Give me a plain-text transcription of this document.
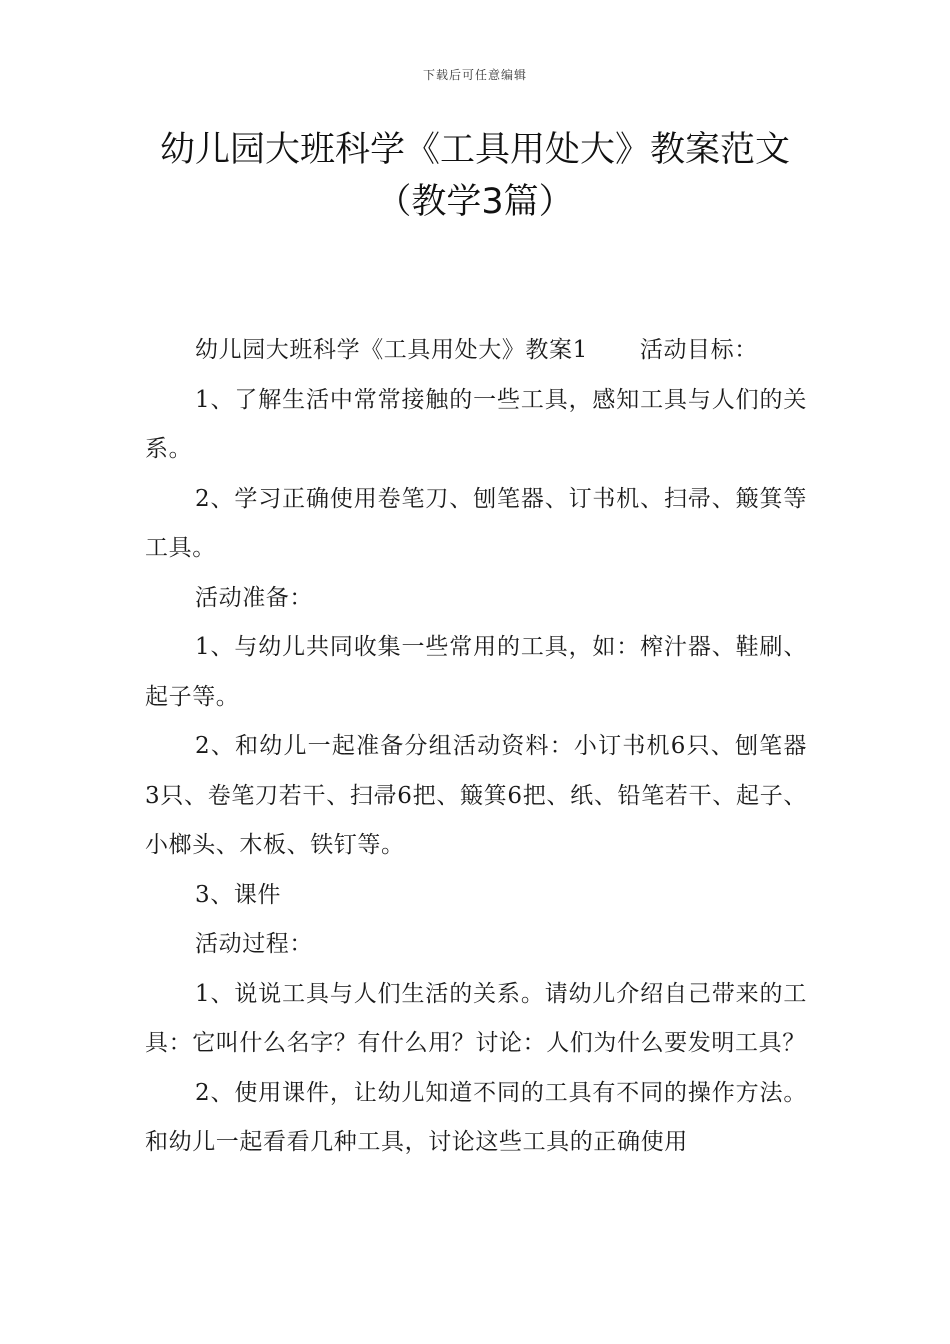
下载后可任意编辑
幼儿园大班科学《工具用处大》教案范文
（教学3篇）

幼儿园大班科学《工具用处大》教案1 活动目标：

1、了解生活中常常接触的一些工具，感知工具与人们的关系。

2、学习正确使用卷笔刀、刨笔器、订书机、扫帚、簸箕等工具。

活动准备：

1、与幼儿共同收集一些常用的工具，如：榨汁器、鞋刷、起子等。

2、和幼儿一起准备分组活动资料：小订书机6只、刨笔器3只、卷笔刀若干、扫帚6把、簸箕6把、纸、铅笔若干、起子、小榔头、木板、铁钉等。

3、课件

活动过程：

1、说说工具与人们生活的关系。请幼儿介绍自己带来的工具：它叫什么名字？有什么用？讨论：人们为什么要发明工具？

2、使用课件，让幼儿知道不同的工具有不同的操作方法。和幼儿一起看看几种工具，讨论这些工具的正确使用
